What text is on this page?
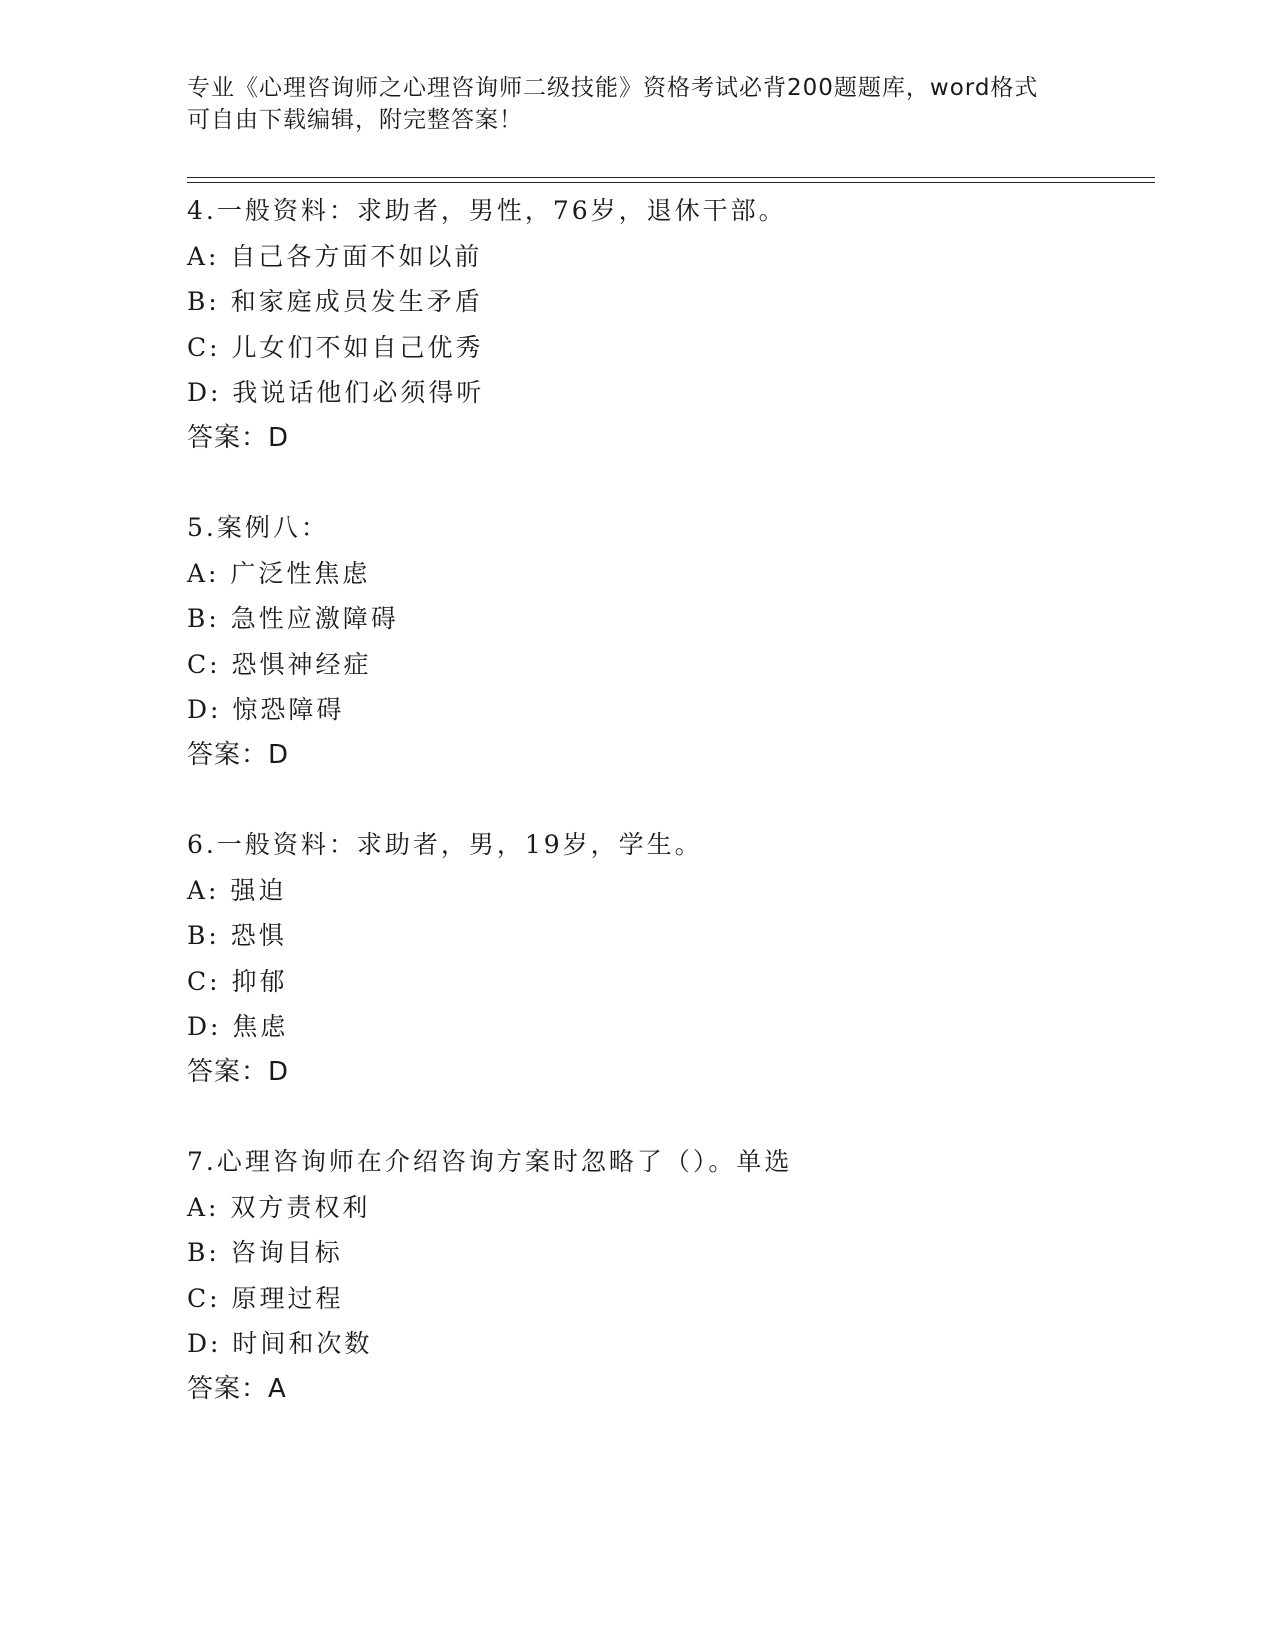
专业《心理咨询师之心理咨询师二级技能》资格考试必背200题题库，word格式
可自由下载编辑，附完整答案！
4.一般资料：求助者，男性，76岁，退休干部。
A: 自己各方面不如以前
B: 和家庭成员发生矛盾
C: 儿女们不如自己优秀
D: 我说话他们必须得听
答案：D
5.案例八：
A: 广泛性焦虑
B: 急性应激障碍
C: 恐惧神经症
D: 惊恐障碍
答案：D
6.一般资料：求助者，男，19岁，学生。
A: 强迫
B: 恐惧
C: 抑郁
D: 焦虑
答案：D
7.心理咨询师在介绍咨询方案时忽略了（）。单选
A: 双方责权利
B: 咨询目标
C: 原理过程
D: 时间和次数
答案：A
